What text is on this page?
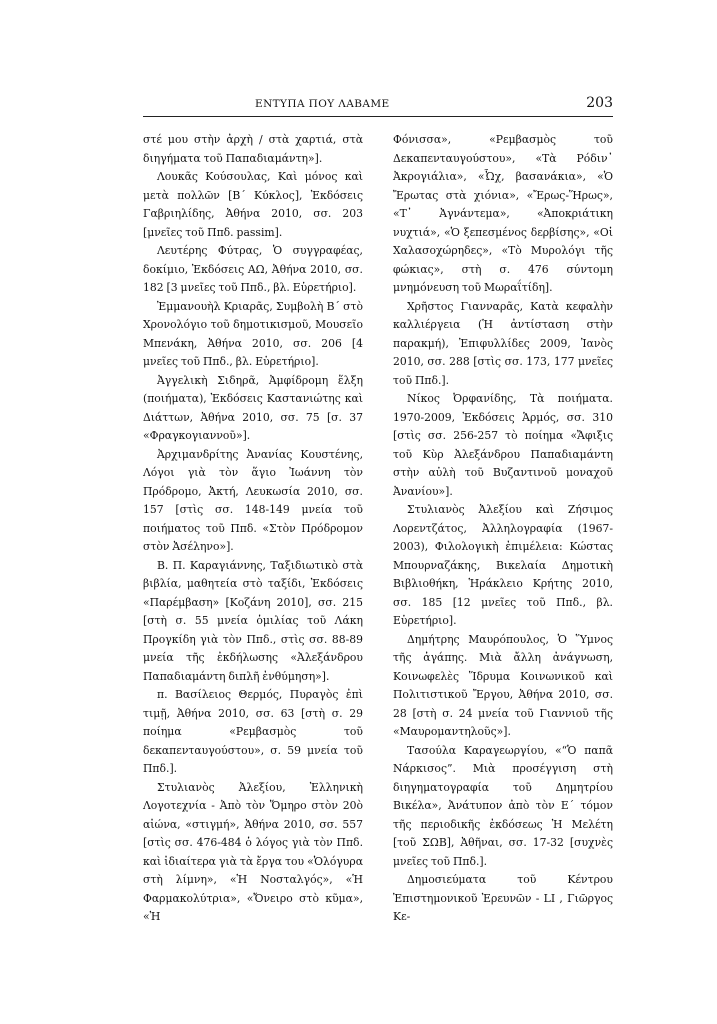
ΕΝΤΥΠΑ ΠΟΥ ΛΑΒΑΜΕ	203

στέ μου στὴν ἀρχὴ / στὰ χαρτιά, στὰ διηγήματα τοῦ Παπαδιαμάντη»].

Λουκᾶς Κούσουλας, Καὶ μόνος καὶ μετὰ πολλῶν [Β΄ Κύκλος], Ἐκδόσεις Γαβριηλίδης, Ἀθήνα 2010, σσ. 203 [μνεῖες τοῦ Ππδ. passim].

Λευτέρης Φύτρας, Ὁ συγγραφέας, δοκίμιο, Ἐκδόσεις ΑΩ, Ἀθήνα 2010, σσ. 182 [3 μνεῖες τοῦ Ππδ., βλ. Εὑρετήριο].

Ἐμμανουὴλ Κριαρᾶς, Συμβολὴ Β΄ στὸ Χρονολόγιο τοῦ δημοτικισμοῦ, Μουσεῖο Μπενάκη, Ἀθήνα 2010, σσ. 206 [4 μνεῖες τοῦ Ππδ., βλ. Εὑρετήριο].

Ἀγγελικὴ Σιδηρᾶ, Ἀμφίδρομη ἕλξη (ποιήματα), Ἐκδόσεις Καστανιώτης καὶ Διάττων, Ἀθήνα 2010, σσ. 75 [σ. 37 «Φραγκογιαννοῦ»].

Ἀρχιμανδρίτης Ἀνανίας Κουστένης, Λόγοι γιὰ τὸν ἅγιο Ἰωάννη τὸν Πρόδρομο, Ἀκτή, Λευκωσία 2010, σσ. 157 [στὶς σσ. 148-149 μνεία τοῦ ποιήματος τοῦ Ππδ. «Στὸν Πρόδρομον στὸν Ἀσέληνο»].

Β. Π. Καραγιάννης, Ταξιδιωτικὸ στὰ βιβλία, μαθητεία στὸ ταξίδι, Ἐκδόσεις «Παρέμβαση» [Κοζάνη 2010], σσ. 215 [στὴ σ. 55 μνεία ὁμιλίας τοῦ Λάκη Προγκίδη γιὰ τὸν Ππδ., στὶς σσ. 88-89 μνεία τῆς ἐκδήλωσης «Ἀλεξάνδρου Παπαδιαμάντη διπλῆ ἐνθύμηση»].

π. Βασίλειος Θερμός, Πυραγὸς ἐπὶ τιμῇ, Ἀθήνα 2010, σσ. 63 [στὴ σ. 29 ποίημα «Ρεμβασμὸς τοῦ δεκαπενταυγούστου», σ. 59 μνεία τοῦ Ππδ.].

Στυλιανὸς Ἀλεξίου, Ἑλληνικὴ Λογοτεχνία - Ἀπὸ τὸν Ὅμηρο στὸν 20ὸ αἰώνα, «στιγμή», Ἀθήνα 2010, σσ. 557 [στὶς σσ. 476-484 ὁ λόγος γιὰ τὸν Ππδ. καὶ ἰδιαίτερα γιὰ τὰ ἔργα του «Ὁλόγυρα στὴ λίμνη», «Ἡ Νοσταλγός», «Ἡ Φαρμακολύτρια», «Ὄνειρο στὸ κῦμα», «Ἡ

Φόνισσα», «Ρεμβασμὸς τοῦ Δεκαπενταυγούστου», «Τὰ Ρόδιν᾽ Ἀκρογιάλια», «Ὦχ, βασανάκια», «Ὁ Ἔρωτας στὰ χιόνια», «Ἔρως-Ἥρως», «Τ᾽ Ἀγνάντεμα», «Ἀποκριάτικη νυχτιά», «Ὁ ξεπεσμένος δερβίσης», «Οἱ Χαλασοχώρηδες», «Τὸ Μυρολόγι τῆς φώκιας», στὴ σ. 476 σύντομη μνημόνευση τοῦ Μωραΐτίδη].

Χρῆστος Γιανναρᾶς, Κατὰ κεφαλὴν καλλιέργεια (Ἡ ἀντίσταση στὴν παρακμή), Ἐπιφυλλίδες 2009, Ἰανὸς 2010, σσ. 288 [στὶς σσ. 173, 177 μνεῖες τοῦ Ππδ.].

Νίκος Ὀρφανίδης, Τὰ ποιήματα. 1970-2009, Ἐκδόσεις Ἁρμός, σσ. 310 [στὶς σσ. 256-257 τὸ ποίημα «Ἄφιξις τοῦ Κὺρ Ἀλεξάνδρου Παπαδιαμάντη στὴν αὐλὴ τοῦ Βυζαντινοῦ μοναχοῦ Ἀνανίου»].

Στυλιανὸς Ἀλεξίου καὶ Ζήσιμος Λορεντζάτος, Ἀλληλογραφία (1967-2003), Φιλολογικὴ ἐπιμέλεια: Κώστας Μπουρναζάκης, Βικελαία Δημοτικὴ Βιβλιοθήκη, Ἡράκλειο Κρήτης 2010, σσ. 185 [12 μνεῖες τοῦ Ππδ., βλ. Εὑρετήριο].

Δημήτρης Μαυρόπουλος, Ὁ Ὕμνος τῆς ἀγάπης. Μιὰ ἄλλη ἀνάγνωση, Κοινωφελὲς Ἵδρυμα Κοινωνικοῦ καὶ Πολιτιστικοῦ Ἔργου, Ἀθήνα 2010, σσ. 28 [στὴ σ. 24 μνεία τοῦ Γιαννιοῦ τῆς «Μαυρομαντηλοῦς»].

Τασούλα Καραγεωργίου, «“Ὁ παπᾶ Νάρκισος”. Μιὰ προσέγγιση στὴ διηγηματογραφία τοῦ Δημητρίου Βικέλα», Ἀνάτυπον ἀπὸ τὸν Ε΄ τόμον τῆς περιοδικῆς ἐκδόσεως Ἡ Μελέτη [τοῦ ΣΩΒ], Ἀθῆναι, σσ. 17-32 [συχνὲς μνεῖες τοῦ Ππδ.].

Δημοσιεύματα τοῦ Κέντρου Ἐπιστημονικοῦ Ἐρευνῶν - LI , Γιῶργος Κε-
